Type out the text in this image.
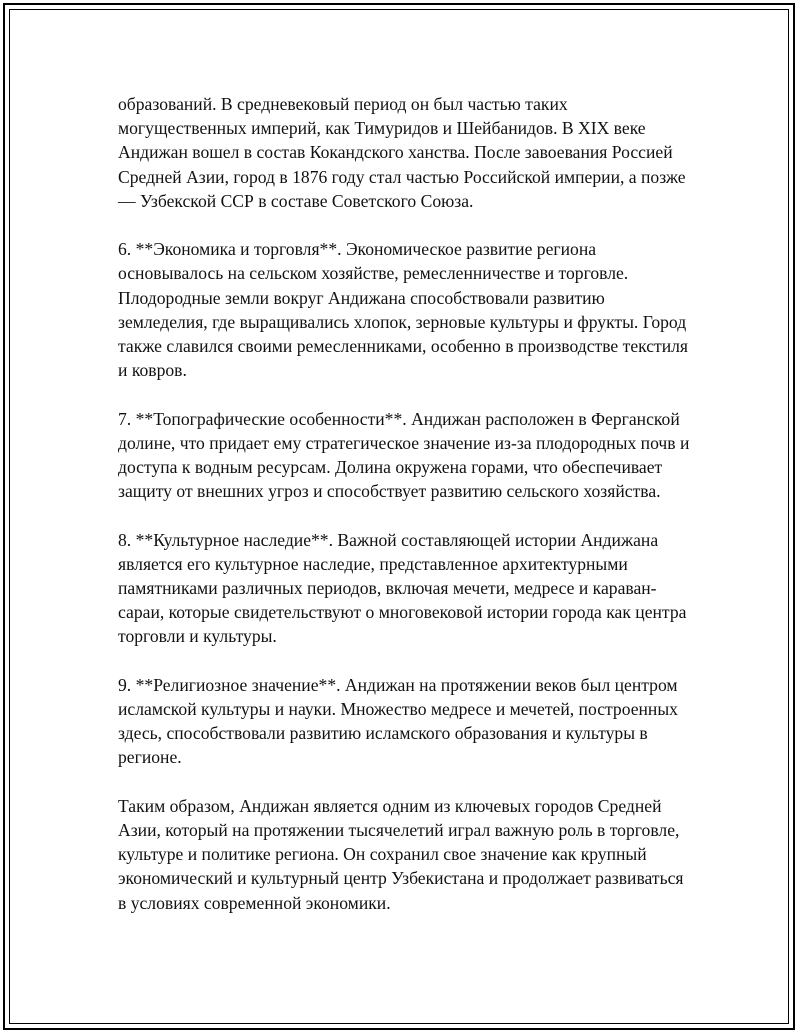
образований. В средневековый период он был частью таких могущественных империй, как Тимуридов и Шейбанидов. В XIX веке Андижан вошел в состав Кокандского ханства. После завоевания Россией Средней Азии, город в 1876 году стал частью Российской империи, а позже — Узбекской ССР в составе Советского Союза.

6. **Экономика и торговля**. Экономическое развитие региона основывалось на сельском хозяйстве, ремесленничестве и торговле. Плодородные земли вокруг Андижана способствовали развитию земледелия, где выращивались хлопок, зерновые культуры и фрукты. Город также славился своими ремесленниками, особенно в производстве текстиля и ковров.

7. **Топографические особенности**. Андижан расположен в Ферганской долине, что придает ему стратегическое значение из-за плодородных почв и доступа к водным ресурсам. Долина окружена горами, что обеспечивает защиту от внешних угроз и способствует развитию сельского хозяйства.

8. **Культурное наследие**. Важной составляющей истории Андижана является его культурное наследие, представленное архитектурными памятниками различных периодов, включая мечети, медресе и караван-сараи, которые свидетельствуют о многовековой истории города как центра торговли и культуры.

9. **Религиозное значение**. Андижан на протяжении веков был центром исламской культуры и науки. Множество медресе и мечетей, построенных здесь, способствовали развитию исламского образования и культуры в регионе.

Таким образом, Андижан является одним из ключевых городов Средней Азии, который на протяжении тысячелетий играл важную роль в торговле, культуре и политике региона. Он сохранил свое значение как крупный экономический и культурный центр Узбекистана и продолжает развиваться в условиях современной экономики.
